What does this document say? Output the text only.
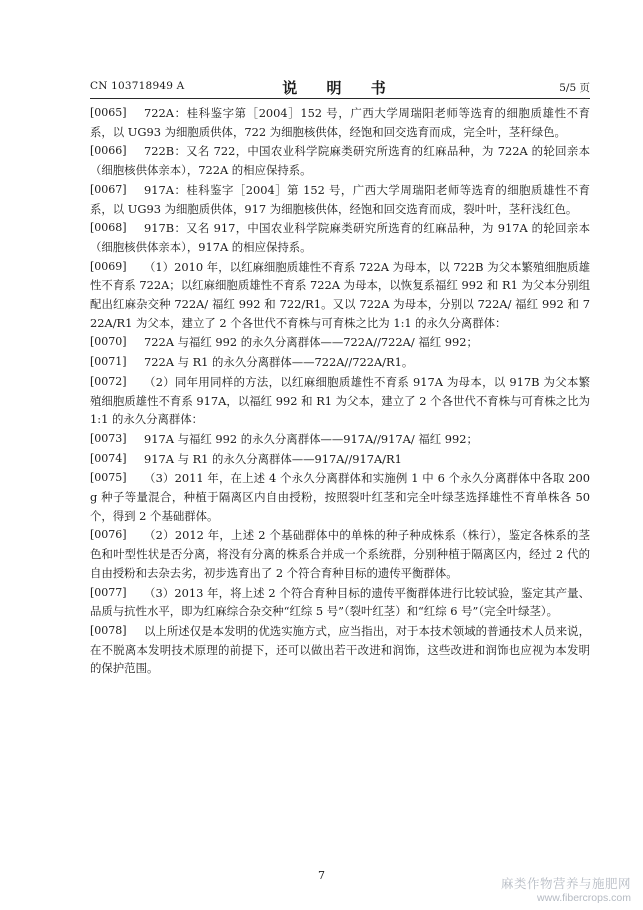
CN 103718949 A	说 明 书	5/5 页

[0065] 722A：桂科鉴字第［2004］152 号，广西大学周瑞阳老师等选育的细胞质雄性不育系，以 UG93 为细胞质供体，722 为细胞核供体，经饱和回交选育而成，完全叶，茎秆绿色。

[0066] 722B：又名 722，中国农业科学院麻类研究所选育的红麻品种，为 722A 的轮回亲本（细胞核供体亲本），722A 的相应保持系。

[0067] 917A：桂科鉴字［2004］第 152 号，广西大学周瑞阳老师等选育的细胞质雄性不育系，以 UG93 为细胞质供体，917 为细胞核供体，经饱和回交选育而成，裂叶叶，茎秆浅红色。

[0068] 917B：又名 917，中国农业科学院麻类研究所选育的红麻品种，为 917A 的轮回亲本（细胞核供体亲本），917A 的相应保持系。

[0069] （1）2010 年，以红麻细胞质雄性不育系 722A 为母本，以 722B 为父本繁殖细胞质雄性不育系 722A；以红麻细胞质雄性不育系 722A 为母本，以恢复系福红 992 和 R1 为父本分别组配出红麻杂交种 722A/ 福红 992 和 722/R1。又以 722A 为母本，分别以 722A/ 福红 992 和 722A/R1 为父本，建立了 2 个各世代不育株与可育株之比为 1:1 的永久分离群体：

[0070] 722A 与福红 992 的永久分离群体——722A//722A/ 福红 992；

[0071] 722A 与 R1 的永久分离群体——722A//722A/R1。

[0072] （2）同年用同样的方法，以红麻细胞质雄性不育系 917A 为母本，以 917B 为父本繁殖细胞质雄性不育系 917A，以福红 992 和 R1 为父本，建立了 2 个各世代不育株与可育株之比为 1:1 的永久分离群体：

[0073] 917A 与福红 992 的永久分离群体——917A//917A/ 福红 992；

[0074] 917A 与 R1 的永久分离群体——917A//917A/R1

[0075] （3）2011 年，在上述 4 个永久分离群体和实施例 1 中 6 个永久分离群体中各取 200g 种子等量混合，种植于隔离区内自由授粉，按照裂叶红茎和完全叶绿茎选择雄性不育单株各 50 个，得到 2 个基础群体。

[0076] （2）2012 年，上述 2 个基础群体中的单株的种子种成株系（株行），鉴定各株系的茎色和叶型性状是否分离，将没有分离的株系合并成一个系统群，分别种植于隔离区内，经过 2 代的自由授粉和去杂去劣，初步选育出了 2 个符合育种目标的遗传平衡群体。

[0077] （3）2013 年，将上述 2 个符合育种目标的遗传平衡群体进行比较试验，鉴定其产量、品质与抗性水平，即为红麻综合杂交种“红综 5 号”（裂叶红茎）和“红综 6 号”（完全叶绿茎）。

[0078] 以上所述仅是本发明的优选实施方式，应当指出，对于本技术领域的普通技术人员来说，在不脱离本发明技术原理的前提下，还可以做出若干改进和润饰，这些改进和润饰也应视为本发明的保护范围。

7
麻类作物营养与施肥网
www.fibercrops.com
